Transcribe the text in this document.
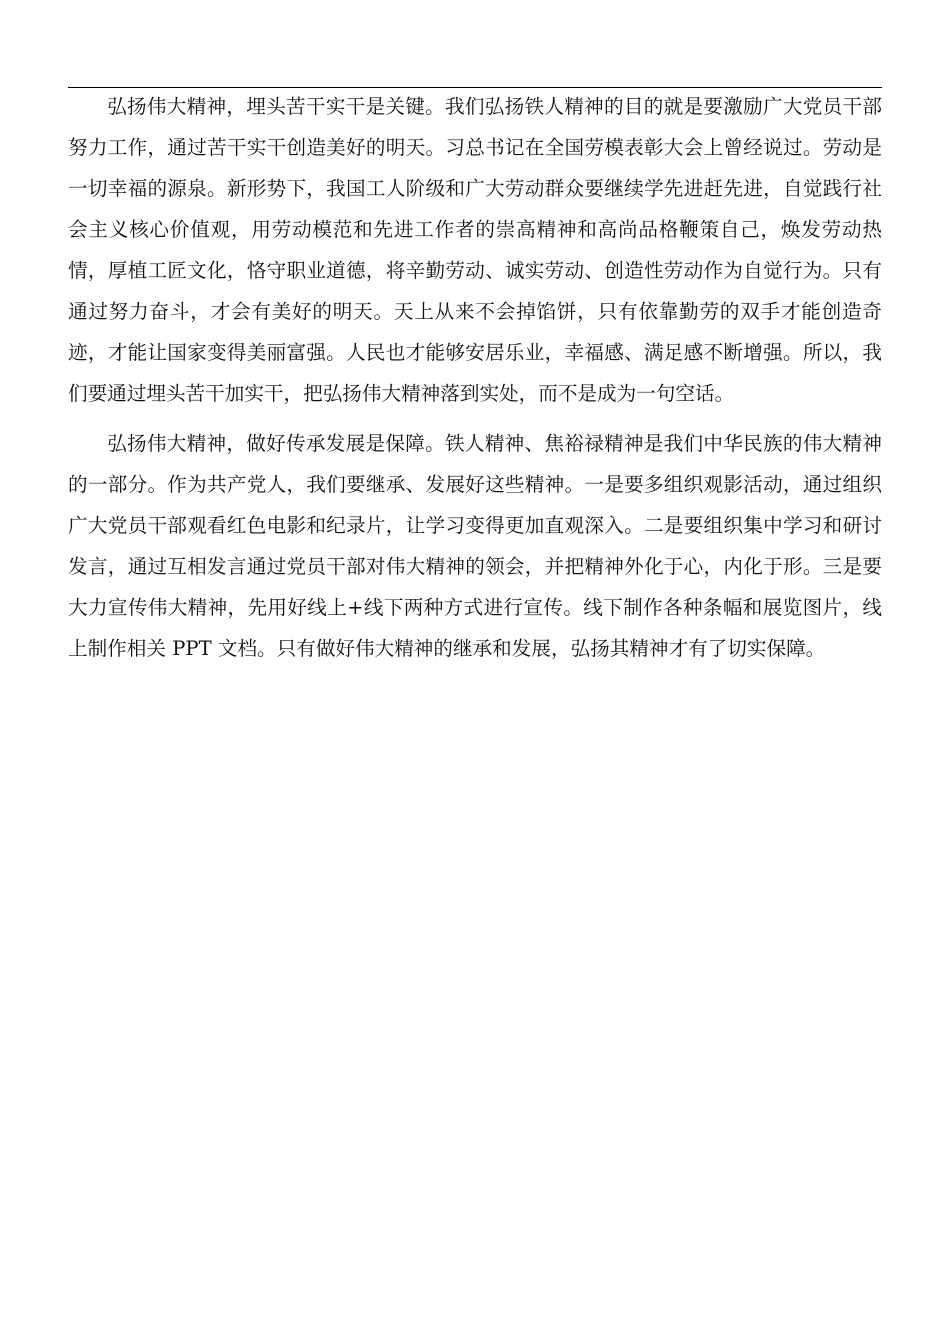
弘扬伟大精神，埋头苦干实干是关键。我们弘扬铁人精神的目的就是要激励广大党员干部努力工作，通过苦干实干创造美好的明天。习总书记在全国劳模表彰大会上曾经说过。劳动是一切幸福的源泉。新形势下，我国工人阶级和广大劳动群众要继续学先进赶先进，自觉践行社会主义核心价值观，用劳动模范和先进工作者的崇高精神和高尚品格鞭策自己，焕发劳动热情，厚植工匠文化，恪守职业道德，将辛勤劳动、诚实劳动、创造性劳动作为自觉行为。只有通过努力奋斗，才会有美好的明天。天上从来不会掉馅饼，只有依靠勤劳的双手才能创造奇迹，才能让国家变得美丽富强。人民也才能够安居乐业，幸福感、满足感不断增强。所以，我们要通过埋头苦干加实干，把弘扬伟大精神落到实处，而不是成为一句空话。

弘扬伟大精神，做好传承发展是保障。铁人精神、焦裕禄精神是我们中华民族的伟大精神的一部分。作为共产党人，我们要继承、发展好这些精神。一是要多组织观影活动，通过组织广大党员干部观看红色电影和纪录片，让学习变得更加直观深入。二是要组织集中学习和研讨发言，通过互相发言通过党员干部对伟大精神的领会，并把精神外化于心，内化于形。三是要大力宣传伟大精神，先用好线上+线下两种方式进行宣传。线下制作各种条幅和展览图片，线上制作相关 PPT 文档。只有做好伟大精神的继承和发展，弘扬其精神才有了切实保障。
